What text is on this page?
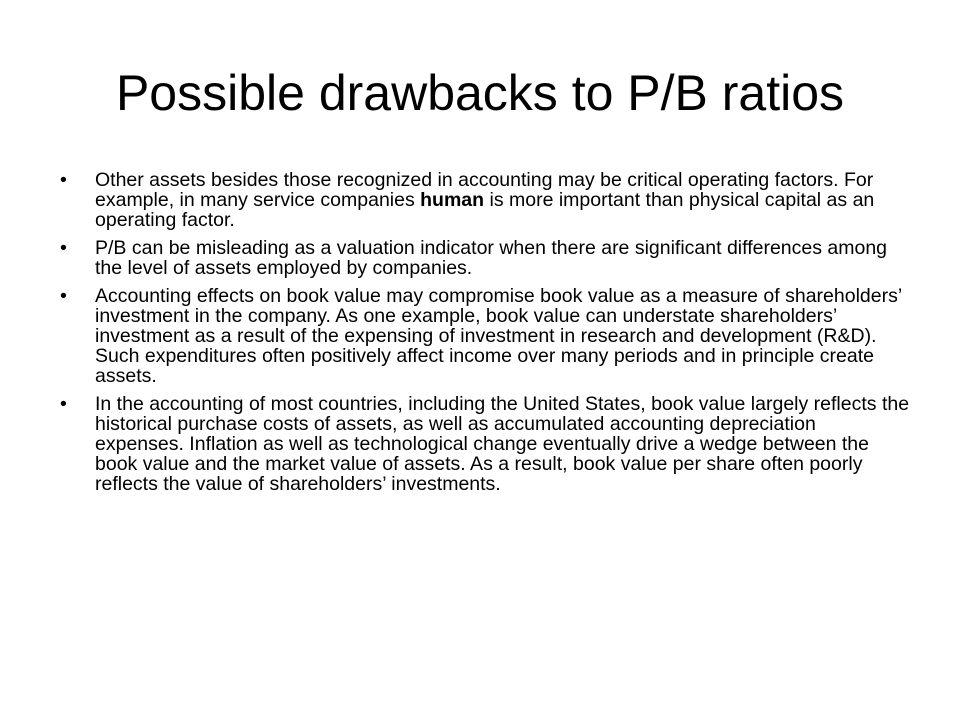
Possible drawbacks to P/B ratios
• Other assets besides those recognized in accounting may be critical operating factors. For example, in many service companies human is more important than physical capital as an operating factor.
• P/B can be misleading as a valuation indicator when there are significant differences among the level of assets employed by companies.
• Accounting effects on book value may compromise book value as a measure of shareholders’ investment in the company. As one example, book value can understate shareholders’ investment as a result of the expensing of investment in research and development (R&D). Such expenditures often positively affect income over many periods and in principle create assets.
• In the accounting of most countries, including the United States, book value largely reflects the historical purchase costs of assets, as well as accumulated accounting depreciation expenses. Inflation as well as technological change eventually drive a wedge between the book value and the market value of assets. As a result, book value per share often poorly reflects the value of shareholders’ investments.
